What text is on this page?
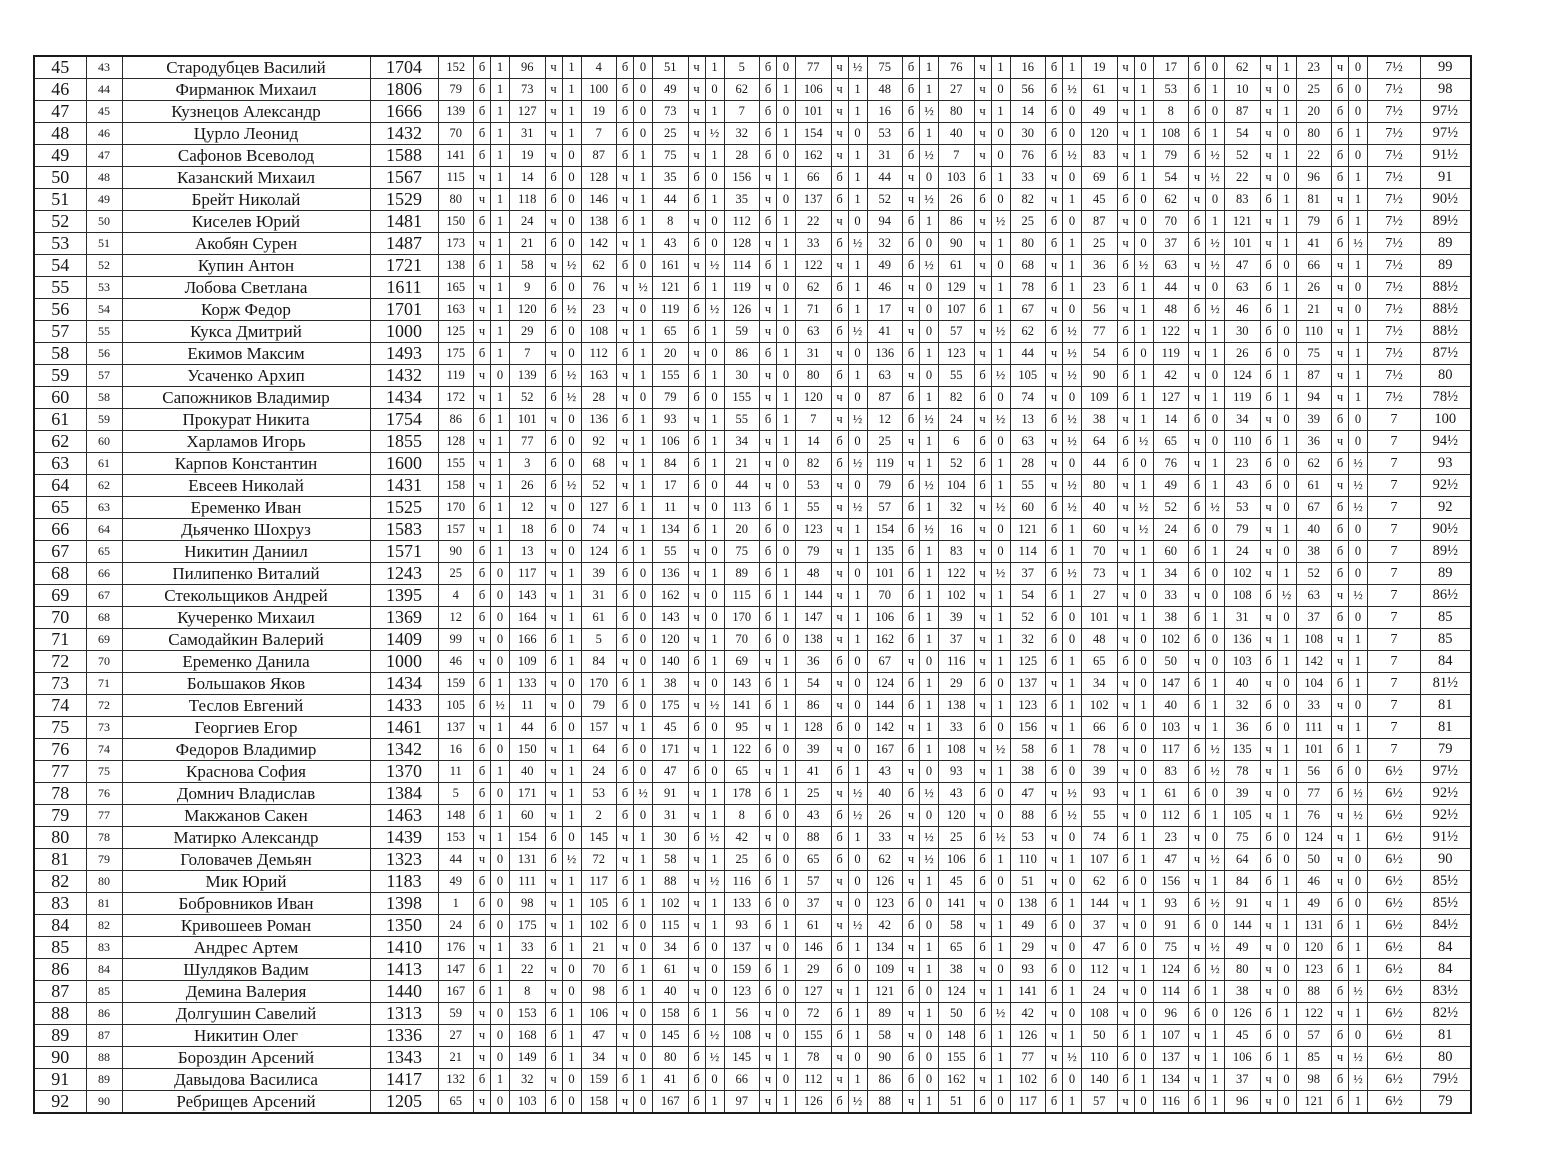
45	43	Стародубцев Василий	1704	152	б	1	96	ч	1	4	б	0	51	ч	1	5	б	0	77	ч	½	75	б	1	76	ч	1	16	б	1	19	ч	0	17	б	0	62	ч	1	23	ч	0	7½	99
46	44	Фирманюк Михаил	1806	79	б	1	73	ч	1	100	б	0	49	ч	0	62	б	1	106	ч	1	48	б	1	27	ч	0	56	б	½	61	ч	1	53	б	1	10	ч	0	25	б	0	7½	98
47	45	Кузнецов Александр	1666	139	б	1	127	ч	1	19	б	0	73	ч	1	7	б	0	101	ч	1	16	б	½	80	ч	1	14	б	0	49	ч	1	8	б	0	87	ч	1	20	б	0	7½	97½
48	46	Цурло Леонид	1432	70	б	1	31	ч	1	7	б	0	25	ч	½	32	б	1	154	ч	0	53	б	1	40	ч	0	30	б	0	120	ч	1	108	б	1	54	ч	0	80	б	1	7½	97½
49	47	Сафонов Всеволод	1588	141	б	1	19	ч	0	87	б	1	75	ч	1	28	б	0	162	ч	1	31	б	½	7	ч	0	76	б	½	83	ч	1	79	б	½	52	ч	1	22	б	0	7½	91½
50	48	Казанский Михаил	1567	115	ч	1	14	б	0	128	ч	1	35	б	0	156	ч	1	66	б	1	44	ч	0	103	б	1	33	ч	0	69	б	1	54	ч	½	22	ч	0	96	б	1	7½	91
51	49	Брейт Николай	1529	80	ч	1	118	б	0	146	ч	1	44	б	1	35	ч	0	137	б	1	52	ч	½	26	б	0	82	ч	1	45	б	0	62	ч	0	83	б	1	81	ч	1	7½	90½
52	50	Киселев Юрий	1481	150	б	1	24	ч	0	138	б	1	8	ч	0	112	б	1	22	ч	0	94	б	1	86	ч	½	25	б	0	87	ч	0	70	б	1	121	ч	1	79	б	1	7½	89½
53	51	Акобян Сурен	1487	173	ч	1	21	б	0	142	ч	1	43	б	0	128	ч	1	33	б	½	32	б	0	90	ч	1	80	б	1	25	ч	0	37	б	½	101	ч	1	41	б	½	7½	89
54	52	Купин Антон	1721	138	б	1	58	ч	½	62	б	0	161	ч	½	114	б	1	122	ч	1	49	б	½	61	ч	0	68	ч	1	36	б	½	63	ч	½	47	б	0	66	ч	1	7½	89
55	53	Лобова Светлана	1611	165	ч	1	9	б	0	76	ч	½	121	б	1	119	ч	0	62	б	1	46	ч	0	129	ч	1	78	б	1	23	б	1	44	ч	0	63	б	1	26	ч	0	7½	88½
56	54	Корж Федор	1701	163	ч	1	120	б	½	23	ч	0	119	б	½	126	ч	1	71	б	1	17	ч	0	107	б	1	67	ч	0	56	ч	1	48	б	½	46	б	1	21	ч	0	7½	88½
57	55	Кукса Дмитрий	1000	125	ч	1	29	б	0	108	ч	1	65	б	1	59	ч	0	63	б	½	41	ч	0	57	ч	½	62	б	½	77	б	1	122	ч	1	30	б	0	110	ч	1	7½	88½
58	56	Екимов Максим	1493	175	б	1	7	ч	0	112	б	1	20	ч	0	86	б	1	31	ч	0	136	б	1	123	ч	1	44	ч	½	54	б	0	119	ч	1	26	б	0	75	ч	1	7½	87½
59	57	Усаченко Архип	1432	119	ч	0	139	б	½	163	ч	1	155	б	1	30	ч	0	80	б	1	63	ч	0	55	б	½	105	ч	½	90	б	1	42	ч	0	124	б	1	87	ч	1	7½	80
60	58	Сапожников Владимир	1434	172	ч	1	52	б	½	28	ч	0	79	б	0	155	ч	1	120	ч	0	87	б	1	82	б	0	74	ч	0	109	б	1	127	ч	1	119	б	1	94	ч	1	7½	78½
61	59	Прокурат Никита	1754	86	б	1	101	ч	0	136	б	1	93	ч	1	55	б	1	7	ч	½	12	б	½	24	ч	½	13	б	½	38	ч	1	14	б	0	34	ч	0	39	б	0	7	100
62	60	Харламов Игорь	1855	128	ч	1	77	б	0	92	ч	1	106	б	1	34	ч	1	14	б	0	25	ч	1	6	б	0	63	ч	½	64	б	½	65	ч	0	110	б	1	36	ч	0	7	94½
63	61	Карпов Константин	1600	155	ч	1	3	б	0	68	ч	1	84	б	1	21	ч	0	82	б	½	119	ч	1	52	б	1	28	ч	0	44	б	0	76	ч	1	23	б	0	62	б	½	7	93
64	62	Евсеев Николай	1431	158	ч	1	26	б	½	52	ч	1	17	б	0	44	ч	0	53	ч	0	79	б	½	104	б	1	55	ч	½	80	ч	1	49	б	1	43	б	0	61	ч	½	7	92½
65	63	Еременко Иван	1525	170	б	1	12	ч	0	127	б	1	11	ч	0	113	б	1	55	ч	½	57	б	1	32	ч	½	60	б	½	40	ч	½	52	б	½	53	ч	0	67	б	½	7	92
66	64	Дьяченко Шохруз	1583	157	ч	1	18	б	0	74	ч	1	134	б	1	20	б	0	123	ч	1	154	б	½	16	ч	0	121	б	1	60	ч	½	24	б	0	79	ч	1	40	б	0	7	90½
67	65	Никитин Даниил	1571	90	б	1	13	ч	0	124	б	1	55	ч	0	75	б	0	79	ч	1	135	б	1	83	ч	0	114	б	1	70	ч	1	60	б	1	24	ч	0	38	б	0	7	89½
68	66	Пилипенко Виталий	1243	25	б	0	117	ч	1	39	б	0	136	ч	1	89	б	1	48	ч	0	101	б	1	122	ч	½	37	б	½	73	ч	1	34	б	0	102	ч	1	52	б	0	7	89
69	67	Стекольщиков Андрей	1395	4	б	0	143	ч	1	31	б	0	162	ч	0	115	б	1	144	ч	1	70	б	1	102	ч	1	54	б	1	27	ч	0	33	ч	0	108	б	½	63	ч	½	7	86½
70	68	Кучеренко Михаил	1369	12	б	0	164	ч	1	61	б	0	143	ч	0	170	б	1	147	ч	1	106	б	1	39	ч	1	52	б	0	101	ч	1	38	б	1	31	ч	0	37	б	0	7	85
71	69	Самодайкин Валерий	1409	99	ч	0	166	б	1	5	б	0	120	ч	1	70	б	0	138	ч	1	162	б	1	37	ч	1	32	б	0	48	ч	0	102	б	0	136	ч	1	108	ч	1	7	85
72	70	Еременко Данила	1000	46	ч	0	109	б	1	84	ч	0	140	б	1	69	ч	1	36	б	0	67	ч	0	116	ч	1	125	б	1	65	б	0	50	ч	0	103	б	1	142	ч	1	7	84
73	71	Большаков Яков	1434	159	б	1	133	ч	0	170	б	1	38	ч	0	143	б	1	54	ч	0	124	б	1	29	б	0	137	ч	1	34	ч	0	147	б	1	40	ч	0	104	б	1	7	81½
74	72	Теслов Евгений	1433	105	б	½	11	ч	0	79	б	0	175	ч	½	141	б	1	86	ч	0	144	б	1	138	ч	1	123	б	1	102	ч	1	40	б	1	32	б	0	33	ч	0	7	81
75	73	Георгиев Егор	1461	137	ч	1	44	б	0	157	ч	1	45	б	0	95	ч	1	128	б	0	142	ч	1	33	б	0	156	ч	1	66	б	0	103	ч	1	36	б	0	111	ч	1	7	81
76	74	Федоров Владимир	1342	16	б	0	150	ч	1	64	б	0	171	ч	1	122	б	0	39	ч	0	167	б	1	108	ч	½	58	б	1	78	ч	0	117	б	½	135	ч	1	101	б	1	7	79
77	75	Краснова София	1370	11	б	1	40	ч	1	24	б	0	47	б	0	65	ч	1	41	б	1	43	ч	0	93	ч	1	38	б	0	39	ч	0	83	б	½	78	ч	1	56	б	0	6½	97½
78	76	Домнич Владислав	1384	5	б	0	171	ч	1	53	б	½	91	ч	1	178	б	1	25	ч	½	40	б	½	43	б	0	47	ч	½	93	ч	1	61	б	0	39	ч	0	77	б	½	6½	92½
79	77	Макжанов Сакен	1463	148	б	1	60	ч	1	2	б	0	31	ч	1	8	б	0	43	б	½	26	ч	0	120	ч	0	88	б	½	55	ч	0	112	б	1	105	ч	1	76	ч	½	6½	92½
80	78	Матирко Александр	1439	153	ч	1	154	б	0	145	ч	1	30	б	½	42	ч	0	88	б	1	33	ч	½	25	б	½	53	ч	0	74	б	1	23	ч	0	75	б	0	124	ч	1	6½	91½
81	79	Головачев Демьян	1323	44	ч	0	131	б	½	72	ч	1	58	ч	1	25	б	0	65	б	0	62	ч	½	106	б	1	110	ч	1	107	б	1	47	ч	½	64	б	0	50	ч	0	6½	90
82	80	Мик Юрий	1183	49	б	0	111	ч	1	117	б	1	88	ч	½	116	б	1	57	ч	0	126	ч	1	45	б	0	51	ч	0	62	б	0	156	ч	1	84	б	1	46	ч	0	6½	85½
83	81	Бобровников Иван	1398	1	б	0	98	ч	1	105	б	1	102	ч	1	133	б	0	37	ч	0	123	б	0	141	ч	0	138	б	1	144	ч	1	93	б	½	91	ч	1	49	б	0	6½	85½
84	82	Кривошеев Роман	1350	24	б	0	175	ч	1	102	б	0	115	ч	1	93	б	1	61	ч	½	42	б	0	58	ч	1	49	б	0	37	ч	0	91	б	0	144	ч	1	131	б	1	6½	84½
85	83	Андрес Артем	1410	176	ч	1	33	б	1	21	ч	0	34	б	0	137	ч	0	146	б	1	134	ч	1	65	б	1	29	ч	0	47	б	0	75	ч	½	49	ч	0	120	б	1	6½	84
86	84	Шулдяков Вадим	1413	147	б	1	22	ч	0	70	б	1	61	ч	0	159	б	1	29	б	0	109	ч	1	38	ч	0	93	б	0	112	ч	1	124	б	½	80	ч	0	123	б	1	6½	84
87	85	Демина Валерия	1440	167	б	1	8	ч	0	98	б	1	40	ч	0	123	б	0	127	ч	1	121	б	0	124	ч	1	141	б	1	24	ч	0	114	б	1	38	ч	0	88	б	½	6½	83½
88	86	Долгушин Савелий	1313	59	ч	0	153	б	1	106	ч	0	158	б	1	56	ч	0	72	б	1	89	ч	1	50	б	½	42	ч	0	108	ч	0	96	б	0	126	б	1	122	ч	1	6½	82½
89	87	Никитин Олег	1336	27	ч	0	168	б	1	47	ч	0	145	б	½	108	ч	0	155	б	1	58	ч	0	148	б	1	126	ч	1	50	б	1	107	ч	1	45	б	0	57	б	0	6½	81
90	88	Бороздин Арсений	1343	21	ч	0	149	б	1	34	ч	0	80	б	½	145	ч	1	78	ч	0	90	б	0	155	б	1	77	ч	½	110	б	0	137	ч	1	106	б	1	85	ч	½	6½	80
91	89	Давыдова Василиса	1417	132	б	1	32	ч	0	159	б	1	41	б	0	66	ч	0	112	ч	1	86	б	0	162	ч	1	102	б	0	140	б	1	134	ч	1	37	ч	0	98	б	½	6½	79½
92	90	Ребрищев Арсений	1205	65	ч	0	103	б	0	158	ч	0	167	б	1	97	ч	1	126	б	½	88	ч	1	51	б	0	117	б	1	57	ч	0	116	б	1	96	ч	0	121	б	1	6½	79
